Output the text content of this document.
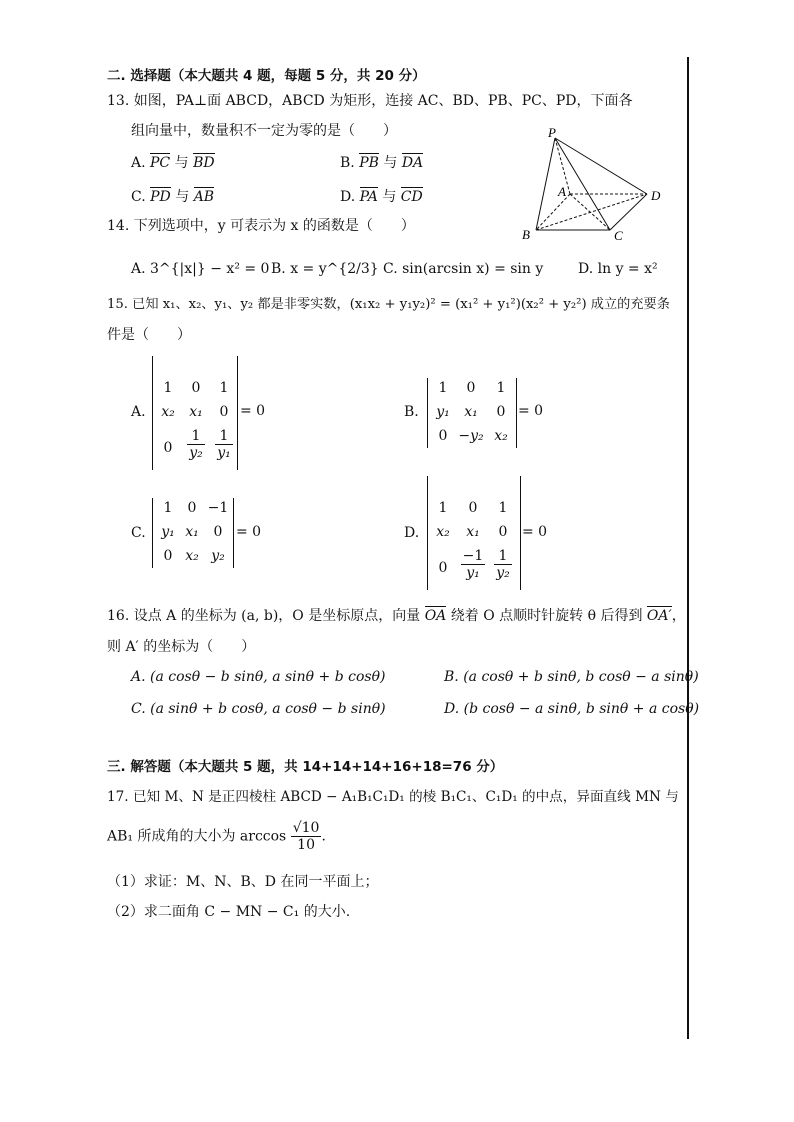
二. 选择题（本大题共 4 题，每题 5 分，共 20 分）
13. 如图，PA⊥面 ABCD，ABCD 为矩形，连接 AC、BD、PB、PC、PD，下面各
组向量中，数量积不一定为零的是（　　）
A. PC 与 BD	B. PB 与 DA
C. PD 与 AB	D. PA 与 CD
P
A
B	C
D
14. 下列选项中，y 可表示为 x 的函数是（　　）
A. 3^{|x|} − x² = 0 B. x = y^{2/3} C. sin(arcsin x) = sin y D. ln y = x²
15. 已知 x₁、x₂、y₁、y₂ 都是非零实数，(x₁x₂ + y₁y₂)² = (x₁² + y₁²)(x₂² + y₂²) 成立的充要条
件是（　　）
A.
1	0	1
x₂	x₁	0
0	$\frac{1}{\text{y₂}} \frac{1}{\text{y₁}}$
= 0	B.
1	0	1
y₁	x₁	0
0 −y₂ x₂
= 0
C.
1	0 −1
y₁ x₁	0
0 x₂ y₂
= 0	D.
1	0	1
x₂	x₁	0
$0 \frac{-1}{\text{y₁}} \frac{1}{\text{y₂}}$
= 0
16. 设点 A 的坐标为 (a, b)，O 是坐标原点，向量 OA 绕着 O 点顺时针旋转 θ 后得到 OA′，
则 A′ 的坐标为（　　）
A. (a cosθ − b sinθ, a sinθ + b cosθ)	B. (a cosθ + b sinθ, b cosθ − a sinθ)
C. (a sinθ + b cosθ, a cosθ − b sinθ)	D. (b cosθ − a sinθ, b sinθ + a cosθ)
三. 解答题（本大题共 5 题，共 14+14+14+16+18=76 分）
17. 已知 M、N 是正四棱柱 ABCD − A₁B₁C₁D₁ 的棱 B₁C₁、C₁D₁ 的中点，异面直线 MN 与
AB₁ 所成角的大小为 $\arccos \frac{√10}{10}$ .
（1）求证：M、N、B、D 在同一平面上；
（2）求二面角 C − MN − C₁ 的大小.
